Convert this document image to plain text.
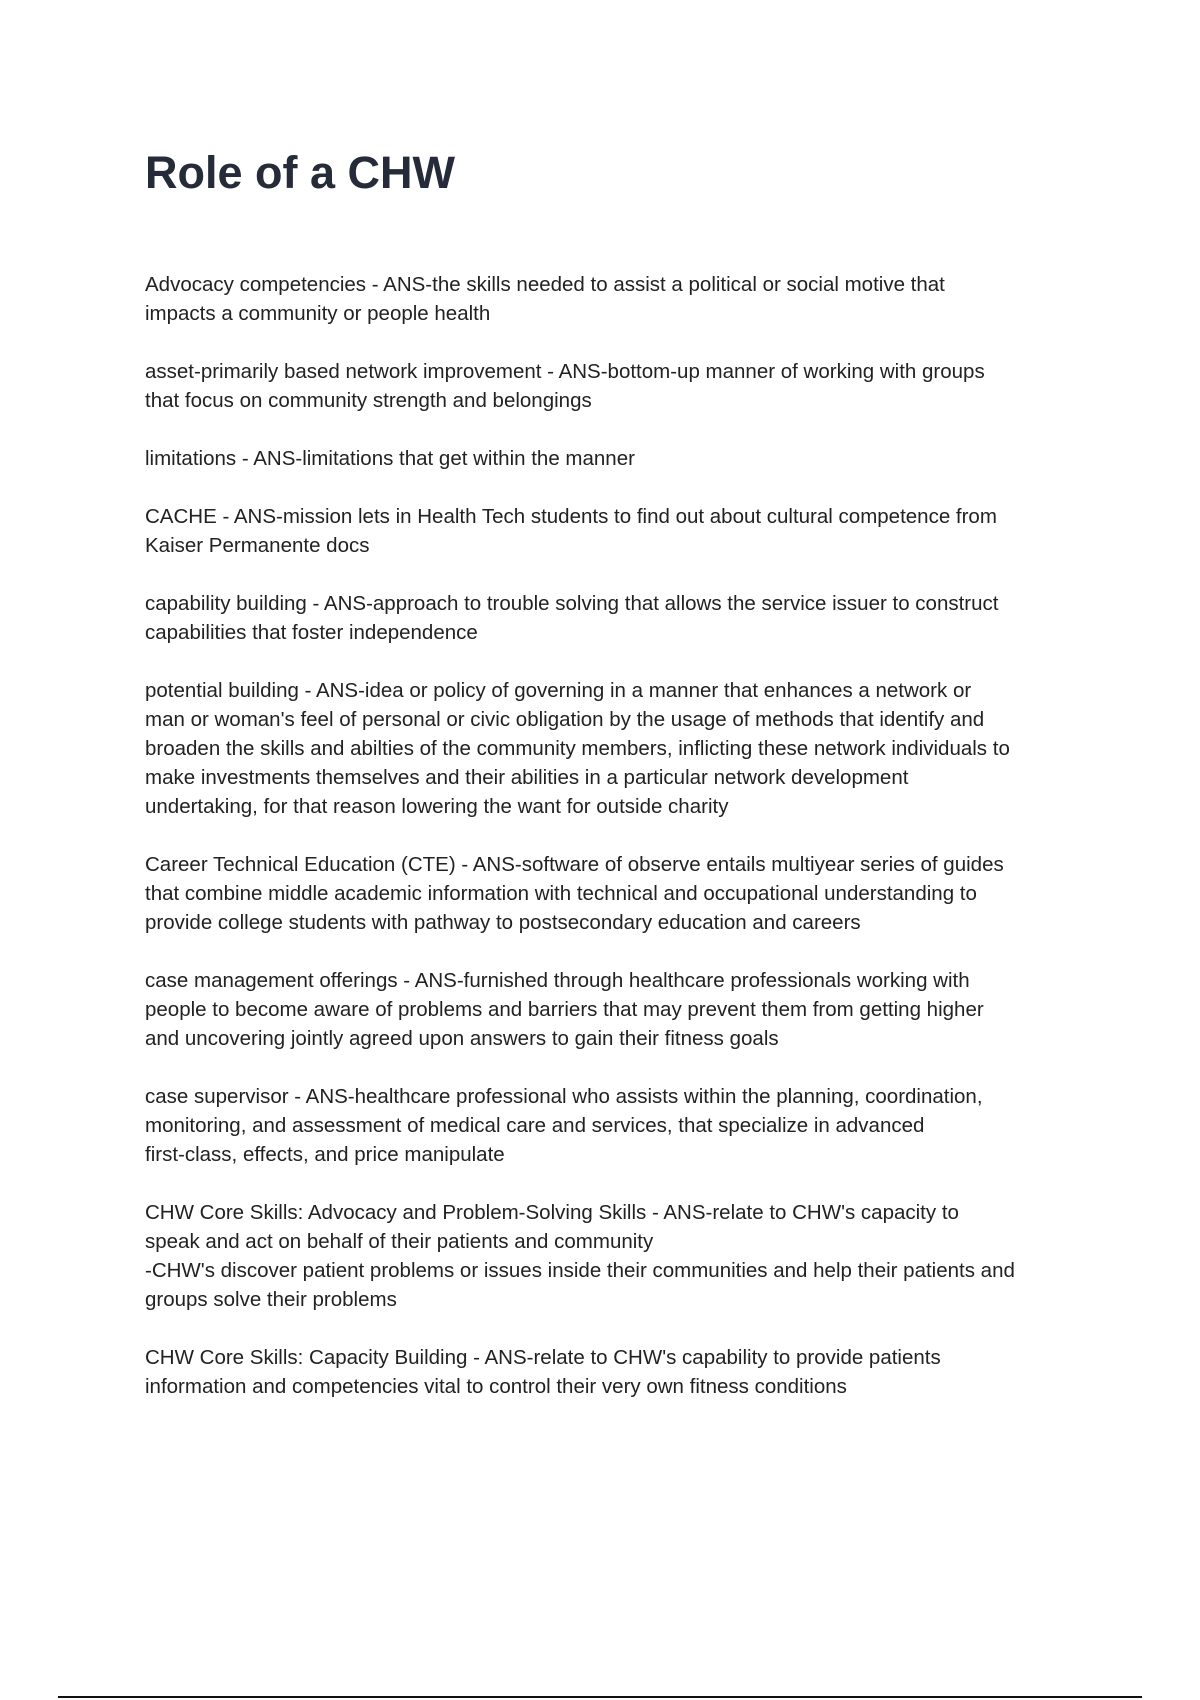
Role of a CHW

Advocacy competencies - ANS-the skills needed to assist a political or social motive that
impacts a community or people health

asset-primarily based network improvement - ANS-bottom-up manner of working with groups
that focus on community strength and belongings

limitations - ANS-limitations that get within the manner

CACHE - ANS-mission lets in Health Tech students to find out about cultural competence from
Kaiser Permanente docs

capability building - ANS-approach to trouble solving that allows the service issuer to construct
capabilities that foster independence

potential building - ANS-idea or policy of governing in a manner that enhances a network or
man or woman's feel of personal or civic obligation by the usage of methods that identify and
broaden the skills and abilties of the community members, inflicting these network individuals to
make investments themselves and their abilities in a particular network development
undertaking, for that reason lowering the want for outside charity

Career Technical Education (CTE) - ANS-software of observe entails multiyear series of guides
that combine middle academic information with technical and occupational understanding to
provide college students with pathway to postsecondary education and careers

case management offerings - ANS-furnished through healthcare professionals working with
people to become aware of problems and barriers that may prevent them from getting higher
and uncovering jointly agreed upon answers to gain their fitness goals

case supervisor - ANS-healthcare professional who assists within the planning, coordination,
monitoring, and assessment of medical care and services, that specialize in advanced
first-class, effects, and price manipulate

CHW Core Skills: Advocacy and Problem-Solving Skills - ANS-relate to CHW's capacity to
speak and act on behalf of their patients and community
-CHW's discover patient problems or issues inside their communities and help their patients and
groups solve their problems

CHW Core Skills: Capacity Building - ANS-relate to CHW's capability to provide patients
information and competencies vital to control their very own fitness conditions
